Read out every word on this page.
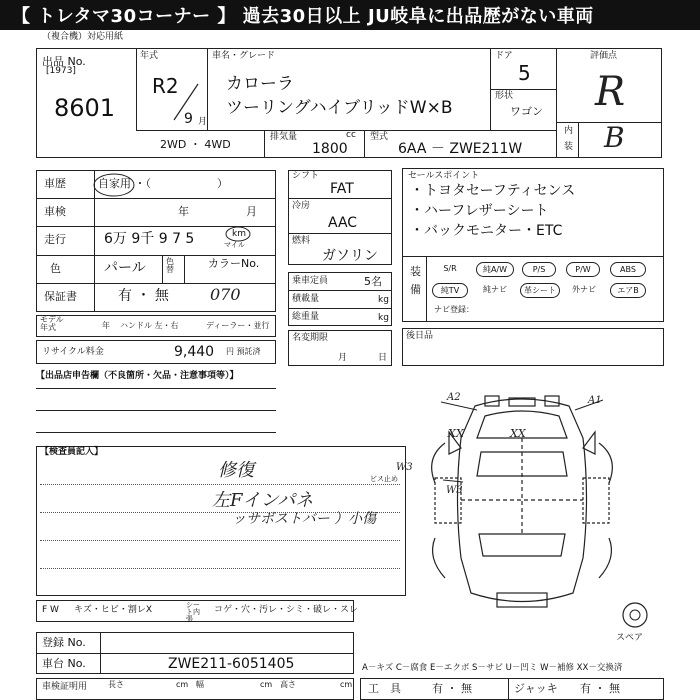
【 トレタマ30コーナー 】 過去30日以上 JU岐阜に出品歴がない車両
（複合機）対応用紙
出品 No.
[1973]
8601
年式
R2
9 月
車名・グレード
カローラ
ツーリングハイブリッドW×B
ドア
5
形状
ワゴン
評価点
R
内
装 B
2WD ・ 4WD
排気量	cc
1800
型式
6AA － ZWE211W
車歴	自家用 ・（　　　　　　）
車検	年	月
走行	6万 9千 9 7 5	km
マイル
色	パール	色替	カラーNo.
保証書	有 ・ 無	070
モデル年式	年 ハンドル 左・右	ディーラー・並行
リサイクル料金	9,440 円 預託済
シフト
FAT
冷房
AAC
燃料
ガソリン
乗車定員	5名
積載量	kg
総重量	kg
名変期限
月	日
セールスポイント
・トヨタセーフティセンス
・ハーフレザーシート
・バックモニター・ETC
装
備
S/R	純A/W	P/S	P/W	ABS
純TV	純ナビ	革シート	外ナビ	エアB
ナビ登録：
後日品
【出品店申告欄（不良箇所・欠品・注意事項等）】
【検査員記入】
修復
左Fインパネ
ッサボストバー ）小傷
A2	A1
XX	XX
W3
ビス止め
W3
スペア
F W キズ・ヒビ・割レX	シート内張
コゲ・穴・汚レ・シミ・破レ・スレ
登録 No.
車台 No.	ZWE211-6051405
車検証明用	長さ	cm 幅	cm 高さ	cm
A－キズ C－腐食 E－エクボ S－サビ U－凹ミ W－補修 XX－交換済
工　具	有 ・ 無	ジャッキ 有 ・ 無
